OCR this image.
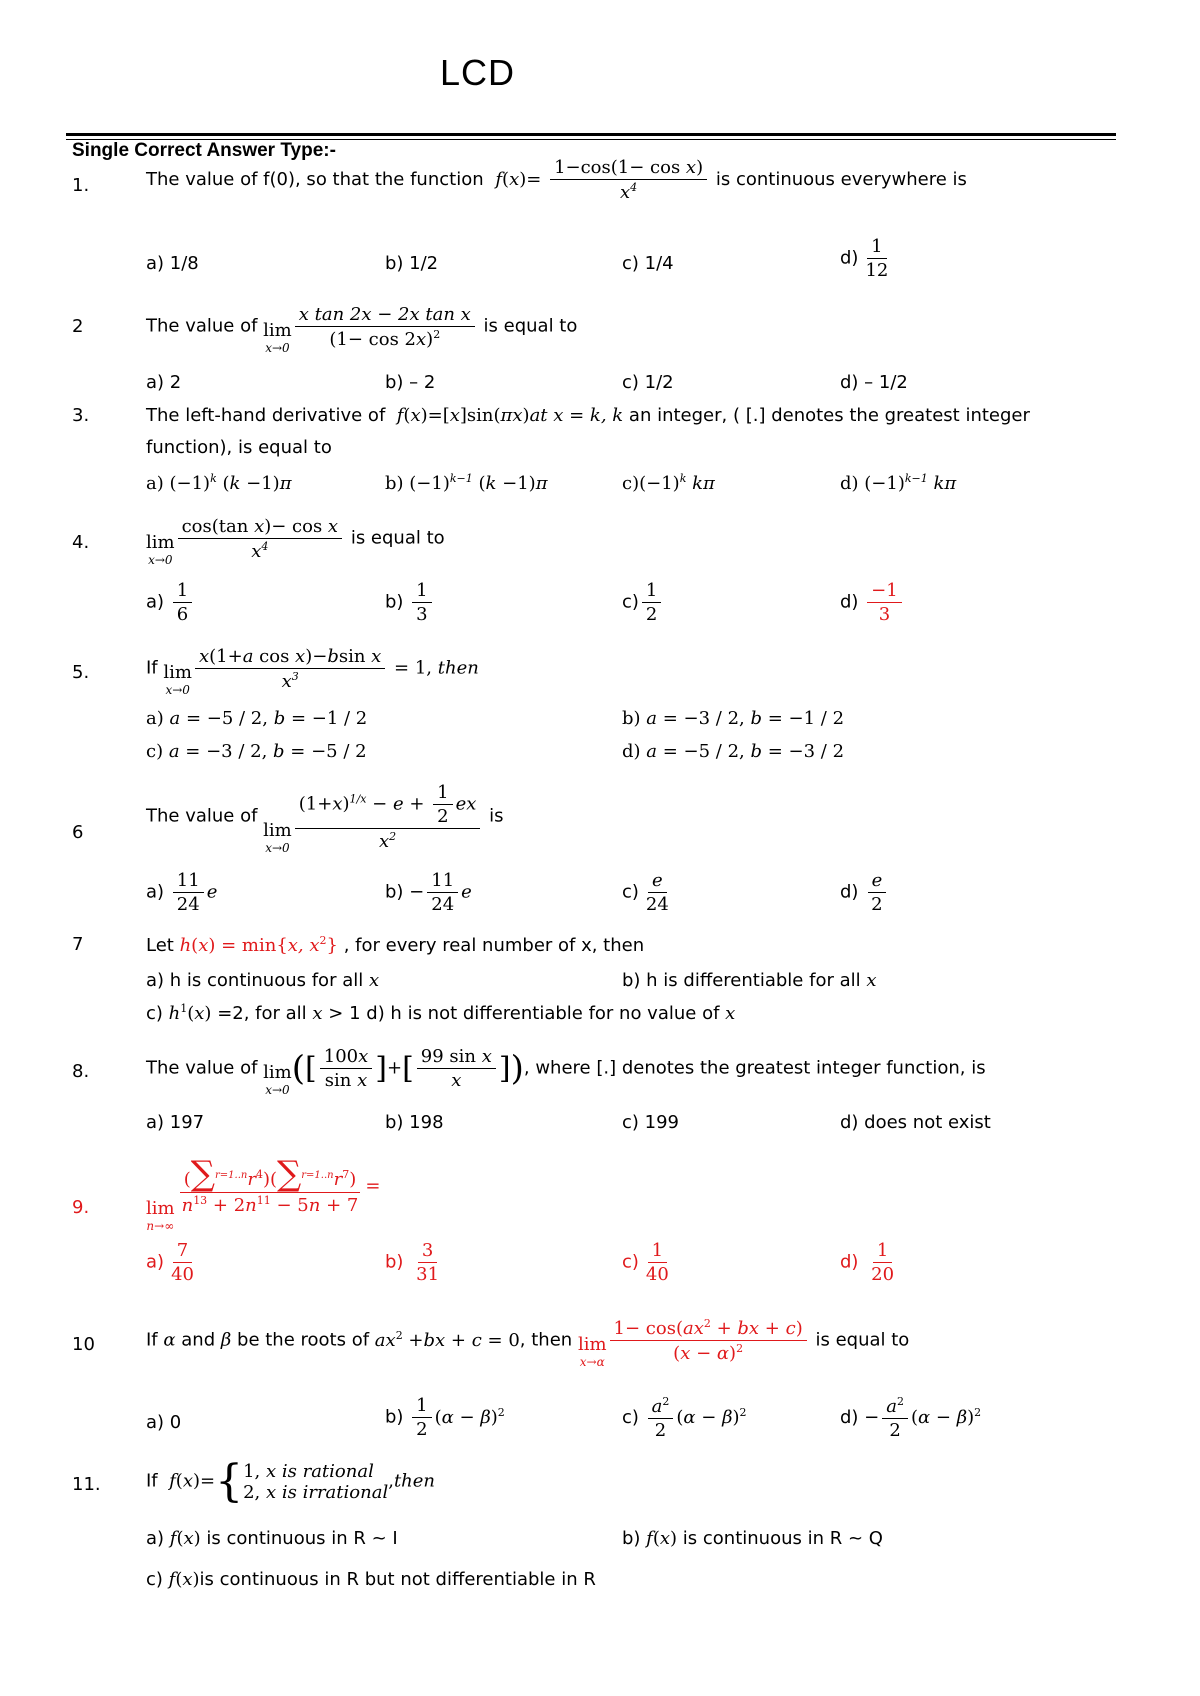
LCD
Single Correct Answer Type:-
1.	The value of f(0), so that the function $f(x)= \frac{\text{1−cos(1− cos x)}}{x^4}$ is continuous everywhere is
a) 1/8	b) 1/2	c) 1/4	$d) \frac{1}{12}$
2	The value of lim
$x\to 0 \frac{\text{x tan 2x − 2x tan x}}{(1- \cos 2x)^2}$ is equal to
a) 2	b) – 2	c) 1/2	d) – 1/2
3.	The left-hand derivative of  f(x)=[x]sin(πx)at x = k, k an integer, ( [.] denotes the greatest integer
function), is equal to
a) $(-1)^k$ (k −1)π	b) $(-1)^{k-1}$ (k −1)π	$c)(-1)^k$ kπ	d) $(-1)^{k-1}$ kπ
4.	lim
$x\to 0 \frac{\text{cos(tan x)− cos x}}{x^4}$ is equal to
$a) \frac{1}{6}$	$b) \frac{1}{3}$	$c) \frac{1}{2}$	$d) \frac{-1}{3}$
5.	If lim
$x\to 0 \frac{\text{x(1+a cos x)−bsin x}}{x^3} = 1$, then
a) a = −5 / 2, b = −1 / 2	b) a = −3 / 2, b = −1 / 2
c) a = −3 / 2, b = −5 / 2	d) a = −5 / 2, b = −3 / 2
6
The value of
lim
$x\to 0 \frac{(1+x)^{1/x} - e + \frac{1}{2} ex}{x^2}$ is
$a) \frac{11}{24}$ e	$b) - \frac{11}{24}$ e	$c) \frac{e}{24}$	$d) \frac{e}{2}$
7	Let h(x) = min{x, $x^2$} , for every real number of x, then
a) h is continuous for all x	b) h is differentiable for all x
c) $h^1(x) =2$, for all x > 1 d) h is not differentiable for no value of x
8.	The value of lim
x→0
([ $\frac{100x}{\text{sin x}}$ ]+[ $\frac{\text{99 sin x}}{x}$ ]), where [.] denotes the greatest integer function, is
a) 197	b) 198	c) 199	d) does not exist
9.	lim
n→∞
$\frac{(\sum^{r=1..n}r^4)(\sum^{r=1..n}r^7)}{n^{13} + 2n^{11} - 5n + 7}$ =
$a) \frac{7}{40}$	$b) \frac{3}{31}$	$c) \frac{1}{40}$	$d) \frac{1}{20}$
10	If α and β be the roots of $ax^2 +bx + c = 0$, then lim
$x\to\alpha \frac{1- \cos(ax^2 + bx + c)}{(x - \alpha)^2}$ is equal to
a) 0	$b) \frac{1}{2} (\alpha - \beta)^2$	$c) \frac{a^2}{2} (\alpha - \beta)^2$	$d) - \frac{a^2}{2} (\alpha - \beta)^2$
11.	If f(x)={ 1, x is rational
2, x is irrational
,then
a) f(x) is continuous in R ~ I	b) f(x) is continuous in R ~ Q
c) f(x)is continuous in R but not differentiable in R
